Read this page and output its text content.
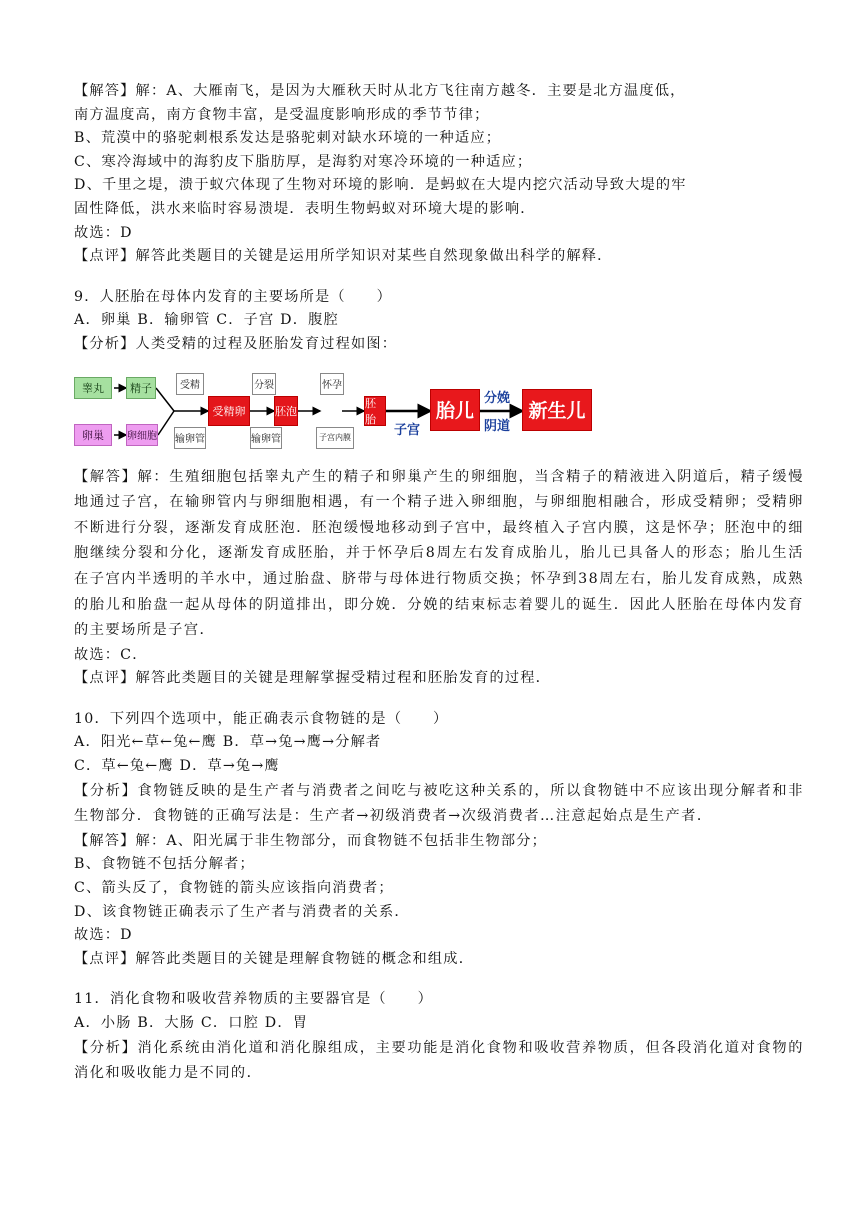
【解答】解：A、大雁南飞，是因为大雁秋天时从北方飞往南方越冬．主要是北方温度低，

南方温度高，南方食物丰富，是受温度影响形成的季节节律；

B、荒漠中的骆驼刺根系发达是骆驼刺对缺水环境的一种适应；

C、寒冷海域中的海豹皮下脂肪厚，是海豹对寒冷环境的一种适应；

D、千里之堤，溃于蚁穴体现了生物对环境的影响．是蚂蚁在大堤内挖穴活动导致大堤的牢

固性降低，洪水来临时容易溃堤．表明生物蚂蚁对环境大堤的影响．

故选：D

【点评】解答此类题目的关键是运用所学知识对某些自然现象做出科学的解释．

9．人胚胎在母体内发育的主要场所是（　　）

A．卵巢 B．输卵管 C．子宫 D．腹腔

【分析】人类受精的过程及胚胎发育过程如图：

睾丸	精子
卵巢	卵细胞
受精
输卵管
受精卵
分裂
输卵管
胚泡
怀孕
子宫内膜
胚胎
子宫
胎儿
分娩
阴道
新生儿

【解答】解：生殖细胞包括睾丸产生的精子和卵巢产生的卵细胞，当含精子的精液进入阴道后，精子缓慢地通过子宫，在输卵管内与卵细胞相遇，有一个精子进入卵细胞，与卵细胞相融合，形成受精卵；受精卵不断进行分裂，逐渐发育成胚泡．胚泡缓慢地移动到子宫中，最终植入子宫内膜，这是怀孕；胚泡中的细胞继续分裂和分化，逐渐发育成胚胎，并于怀孕后8周左右发育成胎儿，胎儿已具备人的形态；胎儿生活在子宫内半透明的羊水中，通过胎盘、脐带与母体进行物质交换；怀孕到38周左右，胎儿发育成熟，成熟的胎儿和胎盘一起从母体的阴道排出，即分娩．分娩的结束标志着婴儿的诞生．因此人胚胎在母体内发育的主要场所是子宫．

故选：C．

【点评】解答此类题目的关键是理解掌握受精过程和胚胎发育的过程．

10．下列四个选项中，能正确表示食物链的是（　　）

A．阳光←草←兔←鹰 B．草→兔→鹰→分解者

C．草←兔←鹰 D．草→兔→鹰

【分析】食物链反映的是生产者与消费者之间吃与被吃这种关系的，所以食物链中不应该出现分解者和非生物部分．食物链的正确写法是：生产者→初级消费者→次级消费者…注意起始点是生产者．

【解答】解：A、阳光属于非生物部分，而食物链不包括非生物部分；

B、食物链不包括分解者；

C、箭头反了，食物链的箭头应该指向消费者；

D、该食物链正确表示了生产者与消费者的关系．

故选：D

【点评】解答此类题目的关键是理解食物链的概念和组成．

11．消化食物和吸收营养物质的主要器官是（　　）

A．小肠 B．大肠 C．口腔 D．胃

【分析】消化系统由消化道和消化腺组成，主要功能是消化食物和吸收营养物质，但各段消化道对食物的消化和吸收能力是不同的．
